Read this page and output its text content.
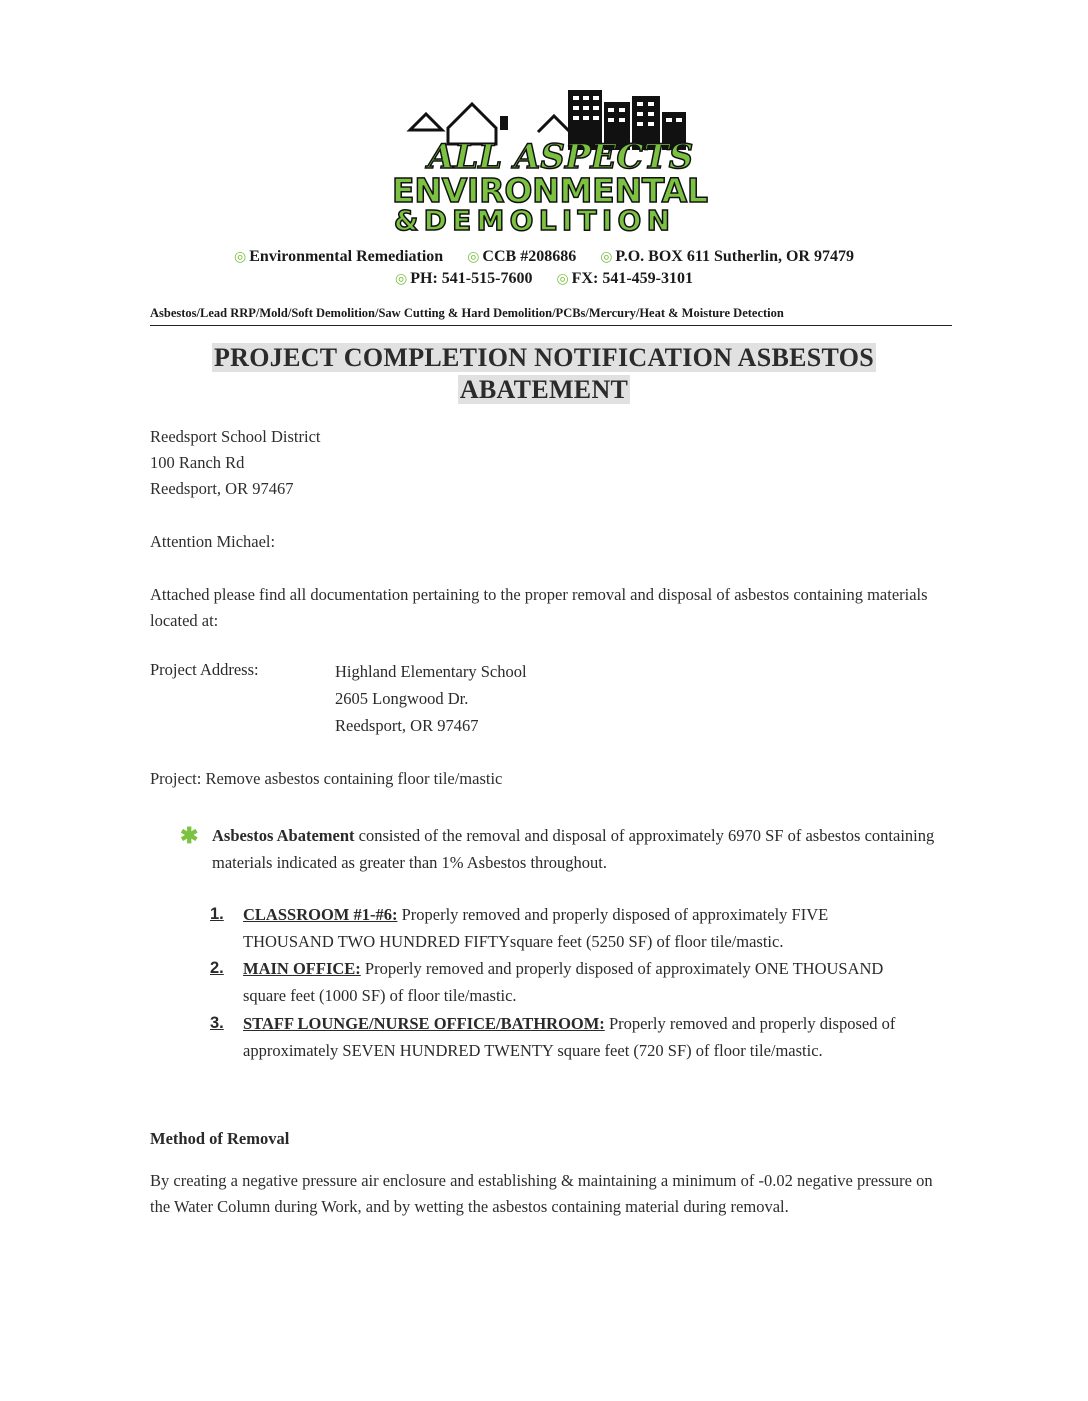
ALL ASPECTS
ENVIRONMENTAL
&DEMOLITION
◎ Environmental Remediation ◎ CCB #208686 ◎ P.O. BOX 611 Sutherlin, OR 97479
◎ PH: 541-515-7600 ◎ FX: 541-459-3101
Asbestos/Lead RRP/Mold/Soft Demolition/Saw Cutting & Hard Demolition/PCBs/Mercury/Heat & Moisture Detection
PROJECT COMPLETION NOTIFICATION ASBESTOS
ABATEMENT
Reedsport School District
100 Ranch Rd
Reedsport, OR 97467
Attention Michael:
Attached please find all documentation pertaining to the proper removal and disposal of asbestos containing materials located at:
Project Address:	Highland Elementary School
2605 Longwood Dr.
Reedsport, OR 97467
Project: Remove asbestos containing floor tile/mastic
✱ Asbestos Abatement consisted of the removal and disposal of approximately 6970 SF of asbestos containing materials indicated as greater than 1% Asbestos throughout.
1. CLASSROOM #1-#6: Properly removed and properly disposed of approximately FIVE THOUSAND TWO HUNDRED FIFTYsquare feet (5250 SF) of floor tile/mastic.
2. MAIN OFFICE: Properly removed and properly disposed of approximately ONE THOUSAND square feet (1000 SF) of floor tile/mastic.
3. STAFF LOUNGE/NURSE OFFICE/BATHROOM: Properly removed and properly disposed of approximately SEVEN HUNDRED TWENTY square feet (720 SF) of floor tile/mastic.
Method of Removal
By creating a negative pressure air enclosure and establishing & maintaining a minimum of -0.02 negative pressure on the Water Column during Work, and by wetting the asbestos containing material during removal.
